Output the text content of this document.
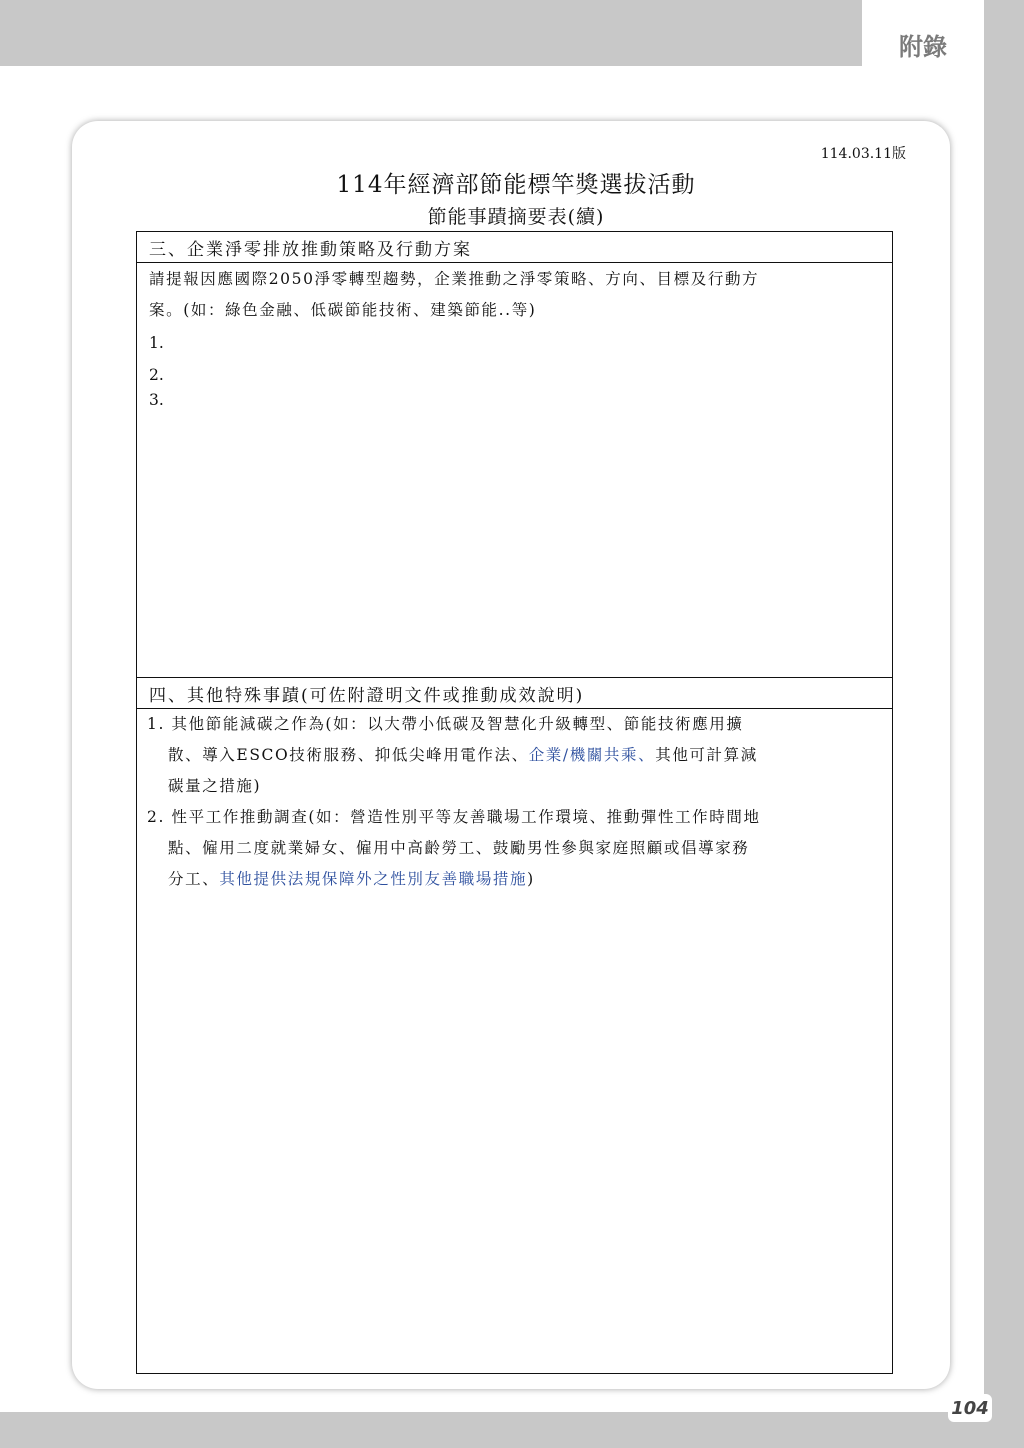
附錄
114.03.11版
114年經濟部節能標竿獎選拔活動
節能事蹟摘要表(續)
三、企業淨零排放推動策略及行動方案
請提報因應國際2050淨零轉型趨勢，企業推動之淨零策略、方向、目標及行動方
案。(如：綠色金融、低碳節能技術、建築節能..等)
1.
2.
3.
四、其他特殊事蹟(可佐附證明文件或推動成效說明)
1. 其他節能減碳之作為(如：以大帶小低碳及智慧化升級轉型、節能技術應用擴
散、導入ESCO技術服務、抑低尖峰用電作法、企業/機關共乘、其他可計算減
碳量之措施)
2. 性平工作推動調查(如：營造性別平等友善職場工作環境、推動彈性工作時間地
點、僱用二度就業婦女、僱用中高齡勞工、鼓勵男性參與家庭照顧或倡導家務
分工、其他提供法規保障外之性別友善職場措施)
104
